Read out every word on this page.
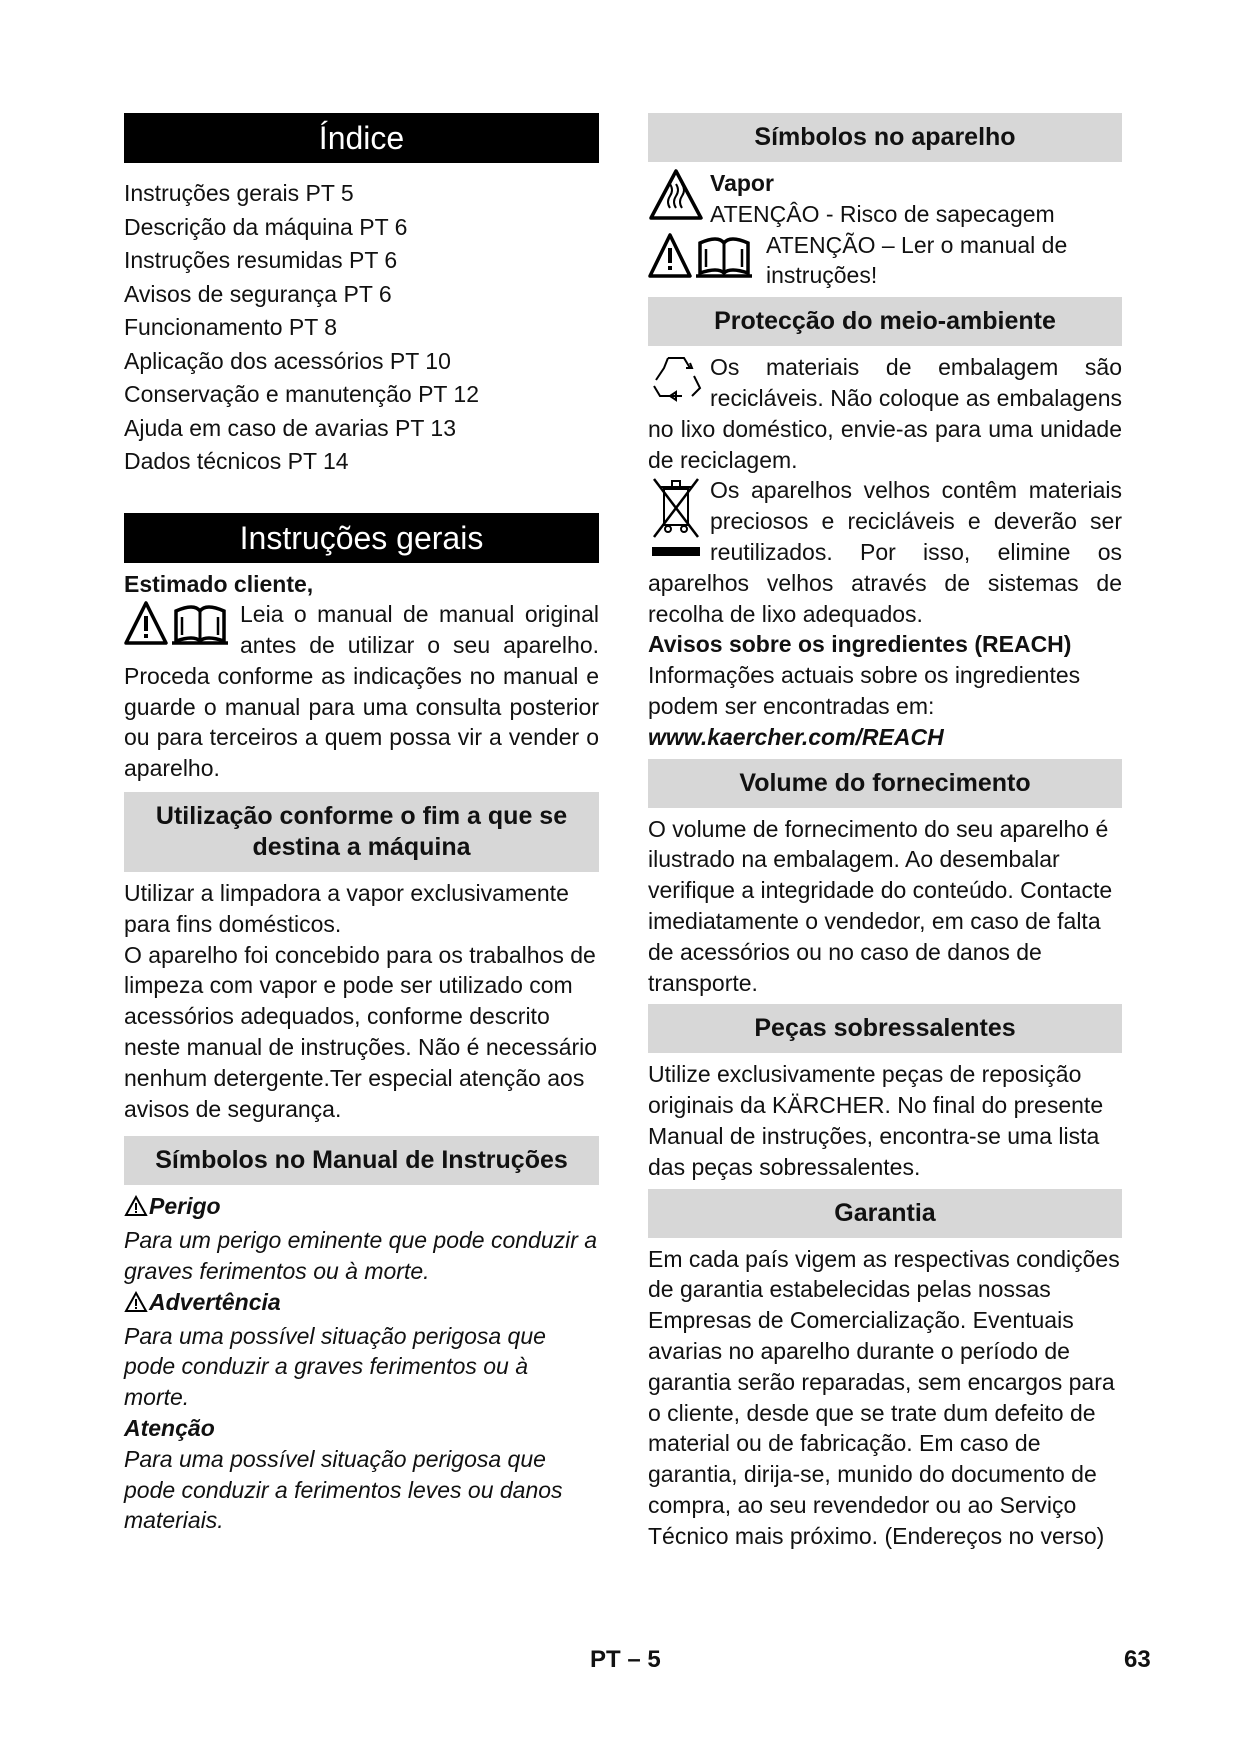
Índice
Instruções gerais PT 5
Descrição da máquina PT 6
Instruções resumidas PT 6
Avisos de segurança PT 6
Funcionamento PT 8
Aplicação dos acessórios PT 10
Conservação e manutenção PT 12
Ajuda em caso de avarias PT 13
Dados técnicos PT 14
Instruções gerais

Estimado cliente,

Leia o manual de manual original antes de utilizar o seu aparelho. Proceda conforme as indicações no manual e guarde o manual para uma consulta posterior ou para terceiros a quem possa vir a vender o aparelho.

Utilização conforme o fim a que se destina a máquina

Utilizar a limpadora a vapor exclusivamente para fins domésticos.

O aparelho foi concebido para os trabalhos de limpeza com vapor e pode ser utilizado com acessórios adequados, conforme descrito neste manual de instruções. Não é necessário nenhum detergente.Ter especial atenção aos avisos de segurança.

Símbolos no Manual de Instruções

Perigo

Para um perigo eminente que pode conduzir a graves ferimentos ou à morte.

Advertência

Para uma possível situação perigosa que pode conduzir a graves ferimentos ou à morte.

Atenção

Para uma possível situação perigosa que pode conduzir a ferimentos leves ou danos materiais.

Símbolos no aparelho

Vapor

ATENÇÂO - Risco de sapecagem

ATENÇÃO – Ler o manual de instruções!

Protecção do meio-ambiente

Os materiais de embalagem são recicláveis. Não coloque as embalagens no lixo doméstico, envie-as para uma unidade de reciclagem.

Os aparelhos velhos contêm materiais preciosos e recicláveis e deverão ser reutilizados. Por isso, elimine os aparelhos velhos através de sistemas de recolha de lixo adequados.

Avisos sobre os ingredientes (REACH)

Informações actuais sobre os ingredientes podem ser encontradas em:

www.kaercher.com/REACH

Volume do fornecimento

O volume de fornecimento do seu aparelho é ilustrado na embalagem. Ao desembalar verifique a integridade do conteúdo. Contacte imediatamente o vendedor, em caso de falta de acessórios ou no caso de danos de transporte.

Peças sobressalentes

Utilize exclusivamente peças de reposição originais da KÄRCHER. No final do presente Manual de instruções, encontra-se uma lista das peças sobressalentes.

Garantia

Em cada país vigem as respectivas condições de garantia estabelecidas pelas nossas Empresas de Comercialização. Eventuais avarias no aparelho durante o período de garantia serão reparadas, sem encargos para o cliente, desde que se trate dum defeito de material ou de fabricação. Em caso de garantia, dirija-se, munido do documento de compra, ao seu revendedor ou ao Serviço Técnico mais próximo. (Endereços no verso)

PT – 5	63
